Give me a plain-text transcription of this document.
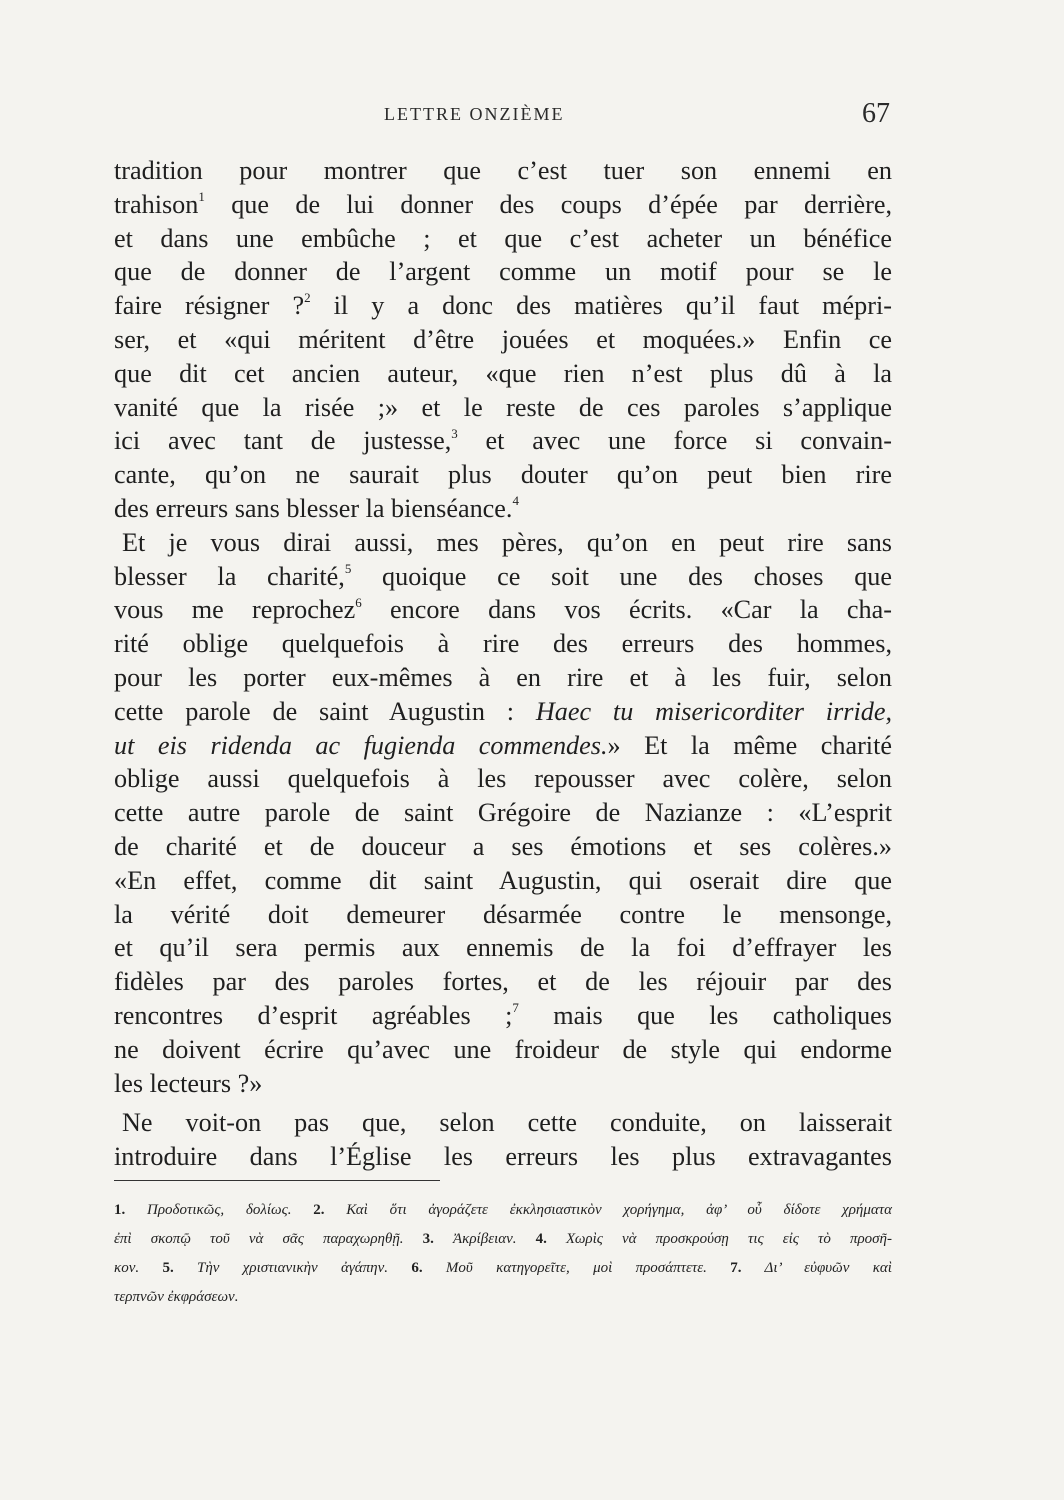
LETTRE ONZIÈME	67
tradition pour montrer que c’est tuer son ennemi en
trahison$^1$ que de lui donner des coups d’épée par derrière,
et dans une embûche ; et que c’est acheter un bénéfice
que de donner de l’argent comme un motif pour se le
faire résigner ?$^2$ il y a donc des matières qu’il faut mépri-
ser, et «qui méritent d’être jouées et moquées.» Enfin ce
que dit cet ancien auteur, «que rien n’est plus dû à la
vanité que la risée ;» et le reste de ces paroles s’applique
ici avec tant de justesse,$^3$ et avec une force si convain-
cante, qu’on ne saurait plus douter qu’on peut bien rire
des erreurs sans blesser la bienséance.$^4$
Et je vous dirai aussi, mes pères, qu’on en peut rire sans
blesser la charité,$^5$ quoique ce soit une des choses que
vous me reprochez$^6$ encore dans vos écrits. «Car la cha-
rité oblige quelquefois à rire des erreurs des hommes,
pour les porter eux-mêmes à en rire et à les fuir, selon
cette parole de saint Augustin : Haec tu misericorditer irride,
ut eis ridenda ac fugienda commendes.» Et la même charité
oblige aussi quelquefois à les repousser avec colère, selon
cette autre parole de saint Grégoire de Nazianze : «L’esprit
de charité et de douceur a ses émotions et ses colères.»
«En effet, comme dit saint Augustin, qui oserait dire que
la vérité doit demeurer désarmée contre le mensonge,
et qu’il sera permis aux ennemis de la foi d’effrayer les
fidèles par des paroles fortes, et de les réjouir par des
rencontres d’esprit agréables ;$^7$ mais que les catholiques
ne doivent écrire qu’avec une froideur de style qui endorme
les lecteurs ?»
Ne voit-on pas que, selon cette conduite, on laisserait
introduire dans l’Église les erreurs les plus extravagantes
1. Προδοτικῶς, δολίως. 2. Καὶ ὅτι ἀγοράζετε ἐκκλησιαστικὸν χορήγημα, ἀφ’ οὗ δίδοτε χρήματα
ἐπὶ σκοπῷ τοῦ νὰ σᾶς παραχωρηθῇ. 3. Ἀκρίβειαν. 4. Χωρὶς νὰ προσκρούσῃ τις εἰς τὸ προσῆ-
κον. 5. Τὴν χριστιανικὴν ἀγάπην. 6. Μοῦ κατηγορεῖτε, μοὶ προσάπτετε. 7. Δι’ εὐφυῶν καὶ
τερπνῶν ἐκφράσεων.
